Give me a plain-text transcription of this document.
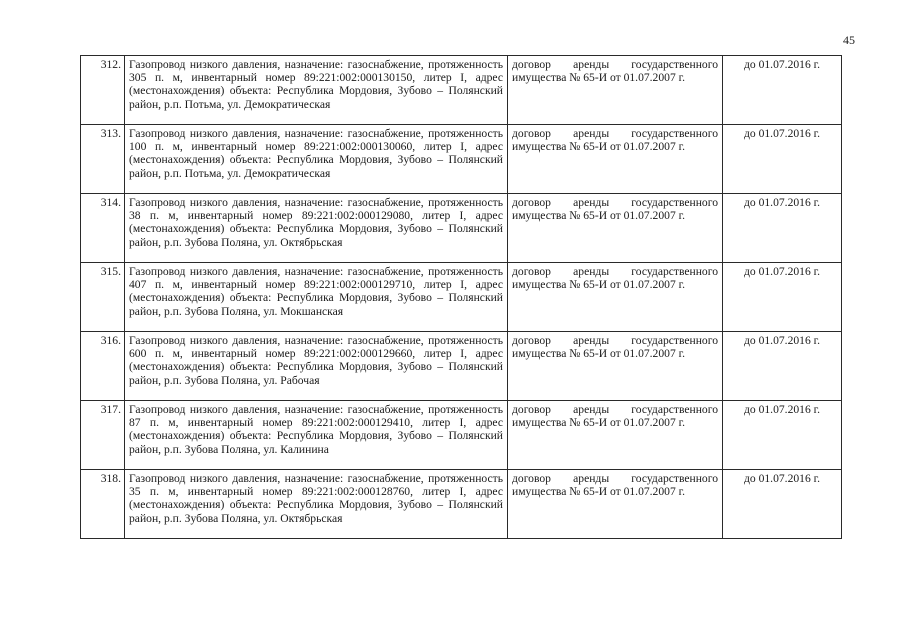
45
312.	Газопровод низкого давления, назначение: газоснабжение, протяженность 305 п. м, инвентарный номер 89:221:002:000130150, литер I, адрес (местонахождения) объекта: Республика Мордовия, Зубово – Полянский район, р.п. Потьма, ул. Демократическая	договор аренды государственного
имущества № 65-И от 01.07.2007 г.	до 01.07.2016 г.
313.	Газопровод низкого давления, назначение: газоснабжение, протяженность 100 п. м, инвентарный номер 89:221:002:000130060, литер I, адрес (местонахождения) объекта: Республика Мордовия, Зубово – Полянский район, р.п. Потьма, ул. Демократическая	договор аренды государственного
имущества № 65-И от 01.07.2007 г.	до 01.07.2016 г.
314.	Газопровод низкого давления, назначение: газоснабжение, протяженность 38 п. м, инвентарный номер 89:221:002:000129080, литер I, адрес (местонахождения) объекта: Республика Мордовия, Зубово – Полянский район, р.п. Зубова Поляна, ул. Октябрьская	договор аренды государственного
имущества № 65-И от 01.07.2007 г.	до 01.07.2016 г.
315.	Газопровод низкого давления, назначение: газоснабжение, протяженность 407 п. м, инвентарный номер 89:221:002:000129710, литер I, адрес (местонахождения) объекта: Республика Мордовия, Зубово – Полянский район, р.п. Зубова Поляна, ул. Мокшанская	договор аренды государственного
имущества № 65-И от 01.07.2007 г.	до 01.07.2016 г.
316.	Газопровод низкого давления, назначение: газоснабжение, протяженность 600 п. м, инвентарный номер 89:221:002:000129660, литер I, адрес (местонахождения) объекта: Республика Мордовия, Зубово – Полянский район, р.п. Зубова Поляна, ул. Рабочая	договор аренды государственного
имущества № 65-И от 01.07.2007 г.	до 01.07.2016 г.
317.	Газопровод низкого давления, назначение: газоснабжение, протяженность 87 п. м, инвентарный номер 89:221:002:000129410, литер I, адрес (местонахождения) объекта: Республика Мордовия, Зубово – Полянский район, р.п. Зубова Поляна, ул. Калинина	договор аренды государственного
имущества № 65-И от 01.07.2007 г.	до 01.07.2016 г.
318.	Газопровод низкого давления, назначение: газоснабжение, протяженность 35 п. м, инвентарный номер 89:221:002:000128760, литер I, адрес (местонахождения) объекта: Республика Мордовия, Зубово – Полянский район, р.п. Зубова Поляна, ул. Октябрьская	договор аренды государственного
имущества № 65-И от 01.07.2007 г.	до 01.07.2016 г.
